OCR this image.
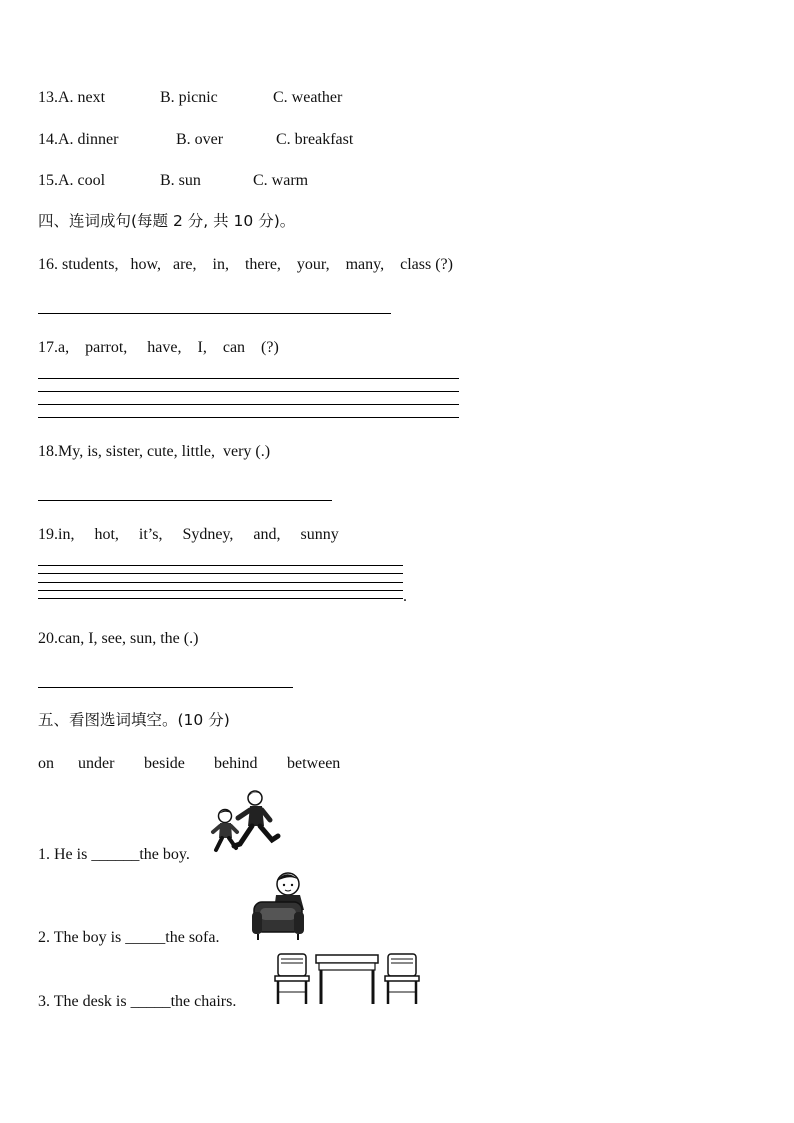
13.A. next	B. picnic	C. weather
14.A. dinner	B. over	C. breakfast
15.A. cool	B. sun	C. warm
四、连词成句(每题 2 分, 共 10 分)。
16. students,   how,   are,    in,    there,    your,    many,    class (?)
17.a,    parrot,     have,    I,    can    (?)
18.My, is, sister, cute, little,  very (.)
19.in,     hot,     it’s,     Sydney,     and,     sunny
.
20.can, I, see, sun, the (.)
五、看图选词填空。(10 分)
on under beside behind between
1. He is ______the boy.
2. The boy is _____the sofa.
3. The desk is _____the chairs.
